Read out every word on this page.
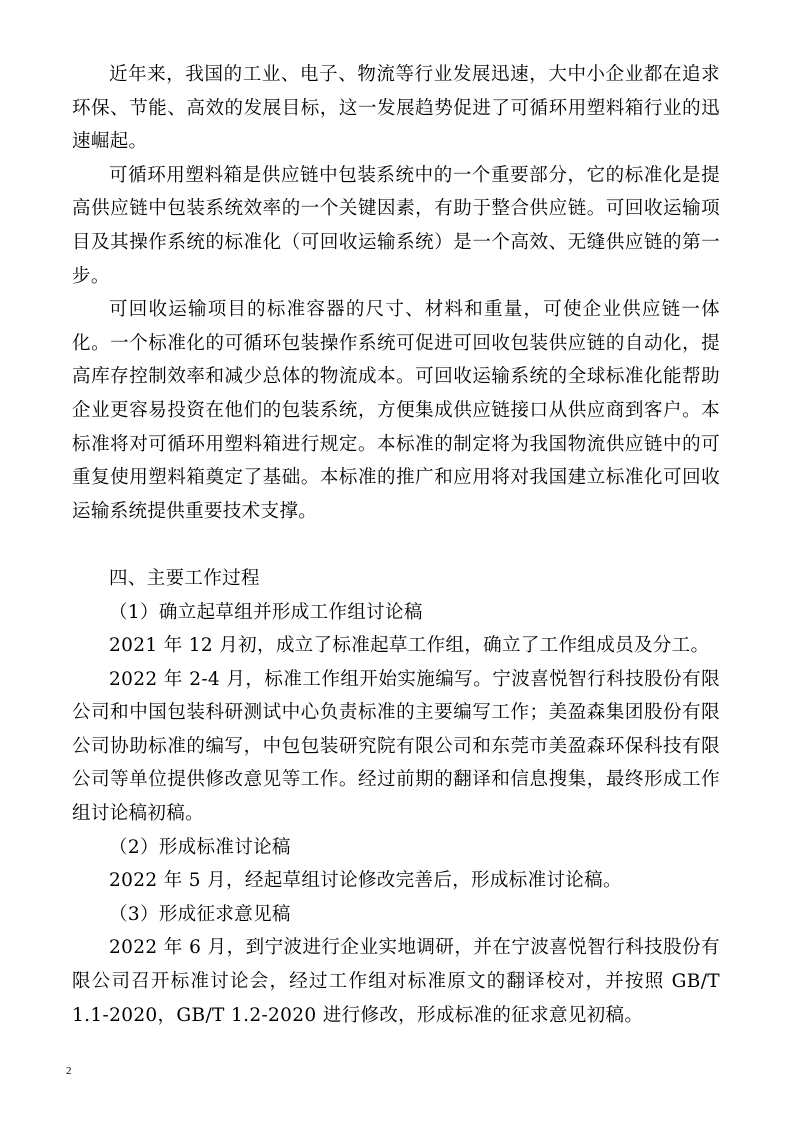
近年来，我国的工业、电子、物流等行业发展迅速，大中小企业都在追求环保、节能、高效的发展目标，这一发展趋势促进了可循环用塑料箱行业的迅速崛起。

可循环用塑料箱是供应链中包装系统中的一个重要部分，它的标准化是提高供应链中包装系统效率的一个关键因素，有助于整合供应链。可回收运输项目及其操作系统的标准化（可回收运输系统）是一个高效、无缝供应链的第一步。

可回收运输项目的标准容器的尺寸、材料和重量，可使企业供应链一体化。一个标准化的可循环包装操作系统可促进可回收包装供应链的自动化，提高库存控制效率和减少总体的物流成本。可回收运输系统的全球标准化能帮助企业更容易投资在他们的包装系统，方便集成供应链接口从供应商到客户。本标准将对可循环用塑料箱进行规定。本标准的制定将为我国物流供应链中的可重复使用塑料箱奠定了基础。本标准的推广和应用将对我国建立标准化可回收运输系统提供重要技术支撑。

四、主要工作过程

（1）确立起草组并形成工作组讨论稿

2021 年 12 月初，成立了标准起草工作组，确立了工作组成员及分工。

2022 年 2-4 月，标准工作组开始实施编写。宁波喜悦智行科技股份有限公司和中国包装科研测试中心负责标准的主要编写工作；美盈森集团股份有限公司协助标准的编写，中包包装研究院有限公司和东莞市美盈森环保科技有限公司等单位提供修改意见等工作。经过前期的翻译和信息搜集，最终形成工作组讨论稿初稿。

（2）形成标准讨论稿

2022 年 5 月，经起草组讨论修改完善后，形成标准讨论稿。

（3）形成征求意见稿

2022 年 6 月，到宁波进行企业实地调研，并在宁波喜悦智行科技股份有限公司召开标准讨论会，经过工作组对标准原文的翻译校对，并按照 GB/T 1.1-2020，GB/T 1.2-2020 进行修改，形成标准的征求意见初稿。

2
